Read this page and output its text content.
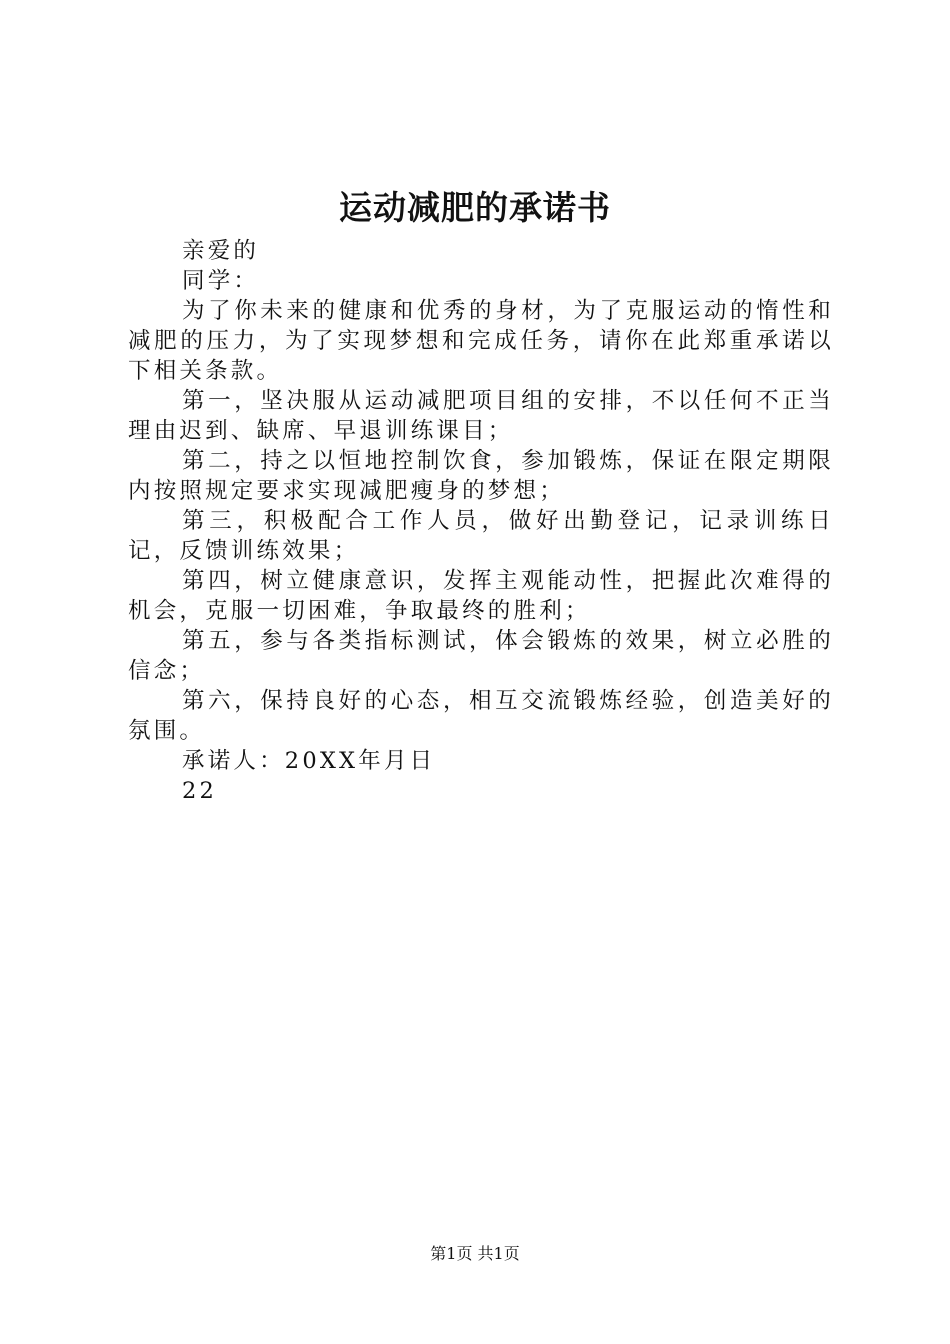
运动减肥的承诺书

亲爱的

同学：

为了你未来的健康和优秀的身材，为了克服运动的惰性和减肥的压力，为了实现梦想和完成任务，请你在此郑重承诺以下相关条款。

第一，坚决服从运动减肥项目组的安排，不以任何不正当理由迟到、缺席、早退训练课目；

第二，持之以恒地控制饮食，参加锻炼，保证在限定期限内按照规定要求实现减肥瘦身的梦想；

第三，积极配合工作人员，做好出勤登记，记录训练日记，反馈训练效果；

第四，树立健康意识，发挥主观能动性，把握此次难得的机会，克服一切困难，争取最终的胜利；

第五，参与各类指标测试，体会锻炼的效果，树立必胜的信念；

第六，保持良好的心态，相互交流锻炼经验，创造美好的氛围。

承诺人：20XX年月日

22

第1页 共1页
